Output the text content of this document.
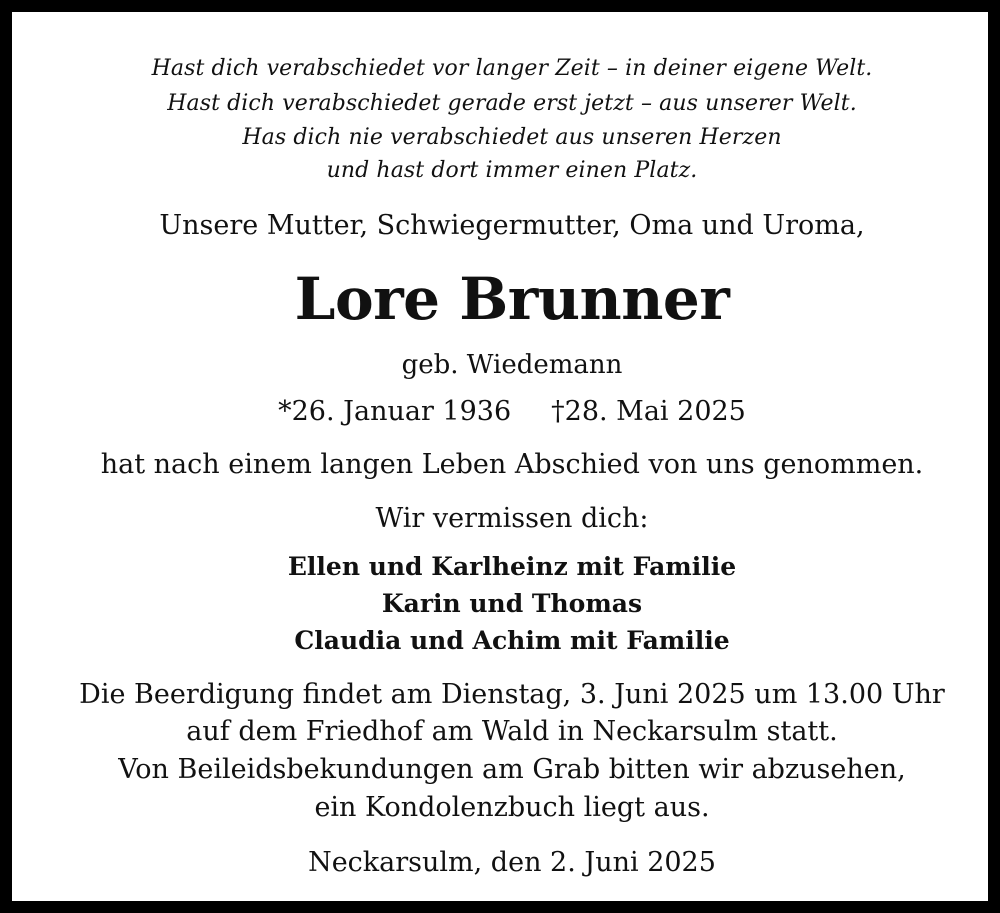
Hast dich verabschiedet vor langer Zeit – in deiner eigene Welt.
Hast dich verabschiedet gerade erst jetzt – aus unserer Welt.
Has dich nie verabschiedet aus unseren Herzen
und hast dort immer einen Platz.
Unsere Mutter, Schwiegermutter, Oma und Uroma,
Lore Brunner
geb. Wiedemann
*26. Januar 1936 †28. Mai 2025
hat nach einem langen Leben Abschied von uns genommen.
Wir vermissen dich:
Ellen und Karlheinz mit Familie
Karin und Thomas
Claudia und Achim mit Familie
Die Beerdigung findet am Dienstag, 3. Juni 2025 um 13.00 Uhr
auf dem Friedhof am Wald in Neckarsulm statt.
Von Beileidsbekundungen am Grab bitten wir abzusehen,
ein Kondolenzbuch liegt aus.
Neckarsulm, den 2. Juni 2025
